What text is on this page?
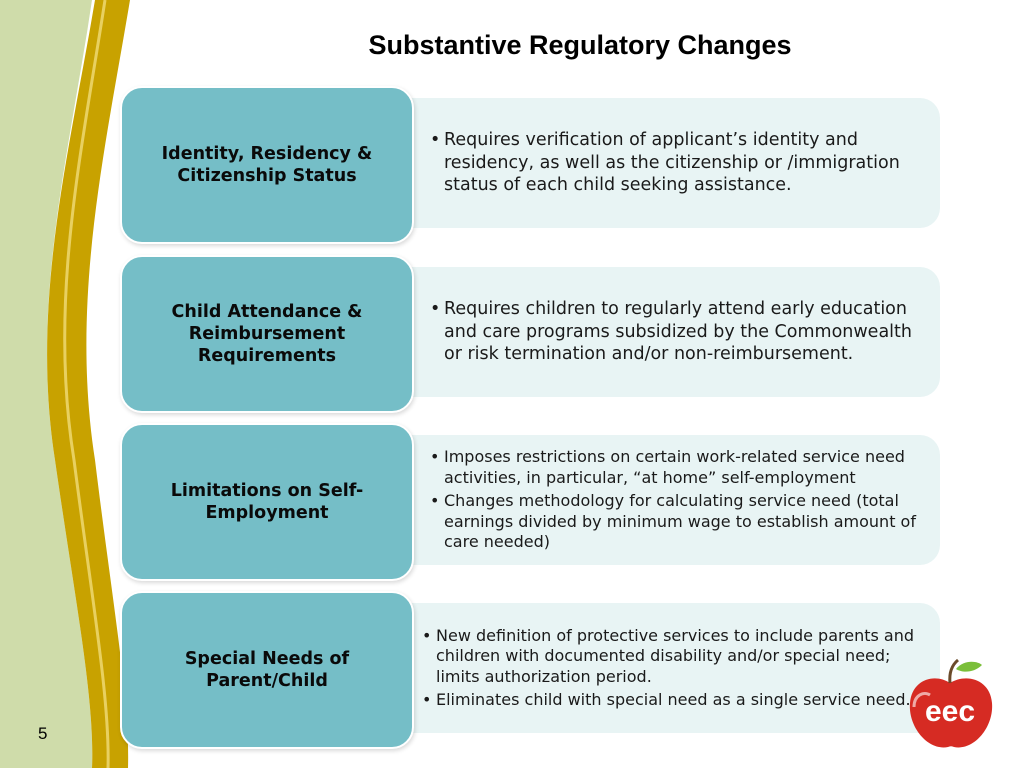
Substantive Regulatory Changes
• Requires verification of applicant’s identity and residency, as well as the citizenship or /immigration status of each child seeking assistance.
Identity, Residency & Citizenship Status
• Requires children to regularly attend early education and care programs subsidized by the Commonwealth or risk termination and/or non-reimbursement.
Child Attendance & Reimbursement Requirements
• Imposes restrictions on certain work-related service need activities, in particular, “at home” self-employment
• Changes methodology for calculating service need (total earnings divided by minimum wage to establish amount of care needed)
Limitations on Self-Employment
• New definition of protective services to include parents and children with documented disability and/or special need; limits authorization period.
• Eliminates child with special need as a single service need.
Special Needs of Parent/Child
5
eec
